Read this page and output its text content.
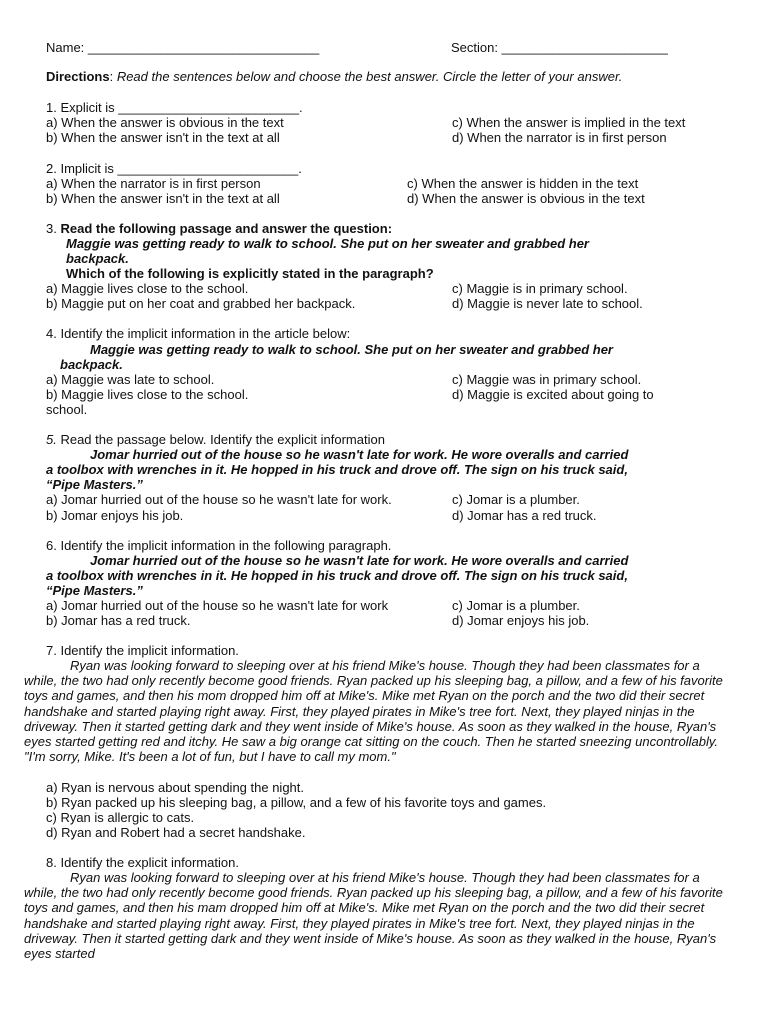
Name: ________________________________	Section: _______________________
Directions: Read the sentences below and choose the best answer. Circle the letter of your answer.
1. Explicit is _________________________.
a) When the answer is obvious in the text
b) When the answer isn't in the text at all
c) When the answer is implied in the text
d) When the narrator is in first person
2. Implicit is _________________________.
a) When the narrator is in first person
b) When the answer isn't in the text at all
c) When the answer is hidden in the text
d) When the answer is obvious in the text
3. Read the following passage and answer the question:
Maggie was getting ready to walk to school. She put on her sweater and grabbed her
backpack.
Which of the following is explicitly stated in the paragraph?
a) Maggie lives close to the school.
b) Maggie put on her coat and grabbed her backpack.
c) Maggie is in primary school.
d) Maggie is never late to school.
4. Identify the implicit information in the article below:
Maggie was getting ready to walk to school. She put on her sweater and grabbed her
backpack.
a) Maggie was late to school.
b) Maggie lives close to the school.
c) Maggie was in primary school.
d) Maggie is excited about going to
school.
5. Read the passage below. Identify the explicit information
Jomar hurried out of the house so he wasn't late for work. He wore overalls and carried
a toolbox with wrenches in it. He hopped in his truck and drove off. The sign on his truck said,
“Pipe Masters.”
a) Jomar hurried out of the house so he wasn't late for work.
b) Jomar enjoys his job.
c) Jomar is a plumber.
d) Jomar has a red truck.
6. Identify the implicit information in the following paragraph.
Jomar hurried out of the house so he wasn't late for work. He wore overalls and carried
a toolbox with wrenches in it. He hopped in his truck and drove off. The sign on his truck said,
“Pipe Masters.”
a) Jomar hurried out of the house so he wasn't late for work
b) Jomar has a red truck.
c) Jomar is a plumber.
d) Jomar enjoys his job.
7. Identify the implicit information.
Ryan was looking forward to sleeping over at his friend Mike's house. Though they had been classmates for a while, the two had only recently become good friends. Ryan packed up his sleeping bag, a pillow, and a few of his favorite toys and games, and then his mom dropped him off at Mike's. Mike met Ryan on the porch and the two did their secret handshake and started playing right away. First, they played pirates in Mike's tree fort. Next, they played ninjas in the driveway. Then it started getting dark and they went inside of Mike's house. As soon as they walked in the house, Ryan's eyes started getting red and itchy. He saw a big orange cat sitting on the couch. Then he started sneezing uncontrollably. "I'm sorry, Mike. It's been a lot of fun, but I have to call my mom."
a) Ryan is nervous about spending the night.
b) Ryan packed up his sleeping bag, a pillow, and a few of his favorite toys and games.
c) Ryan is allergic to cats.
d) Ryan and Robert had a secret handshake.
8. Identify the explicit information.
Ryan was looking forward to sleeping over at his friend Mike's house. Though they had been classmates for a while, the two had only recently become good friends. Ryan packed up his sleeping bag, a pillow, and a few of his favorite toys and games, and then his mam dropped him off at Mike's. Mike met Ryan on the porch and the two did their secret handshake and started playing right away. First, they played pirates in Mike's tree fort. Next, they played ninjas in the driveway. Then it started getting dark and they went inside of Mike's house. As soon as they walked in the house, Ryan's eyes started
